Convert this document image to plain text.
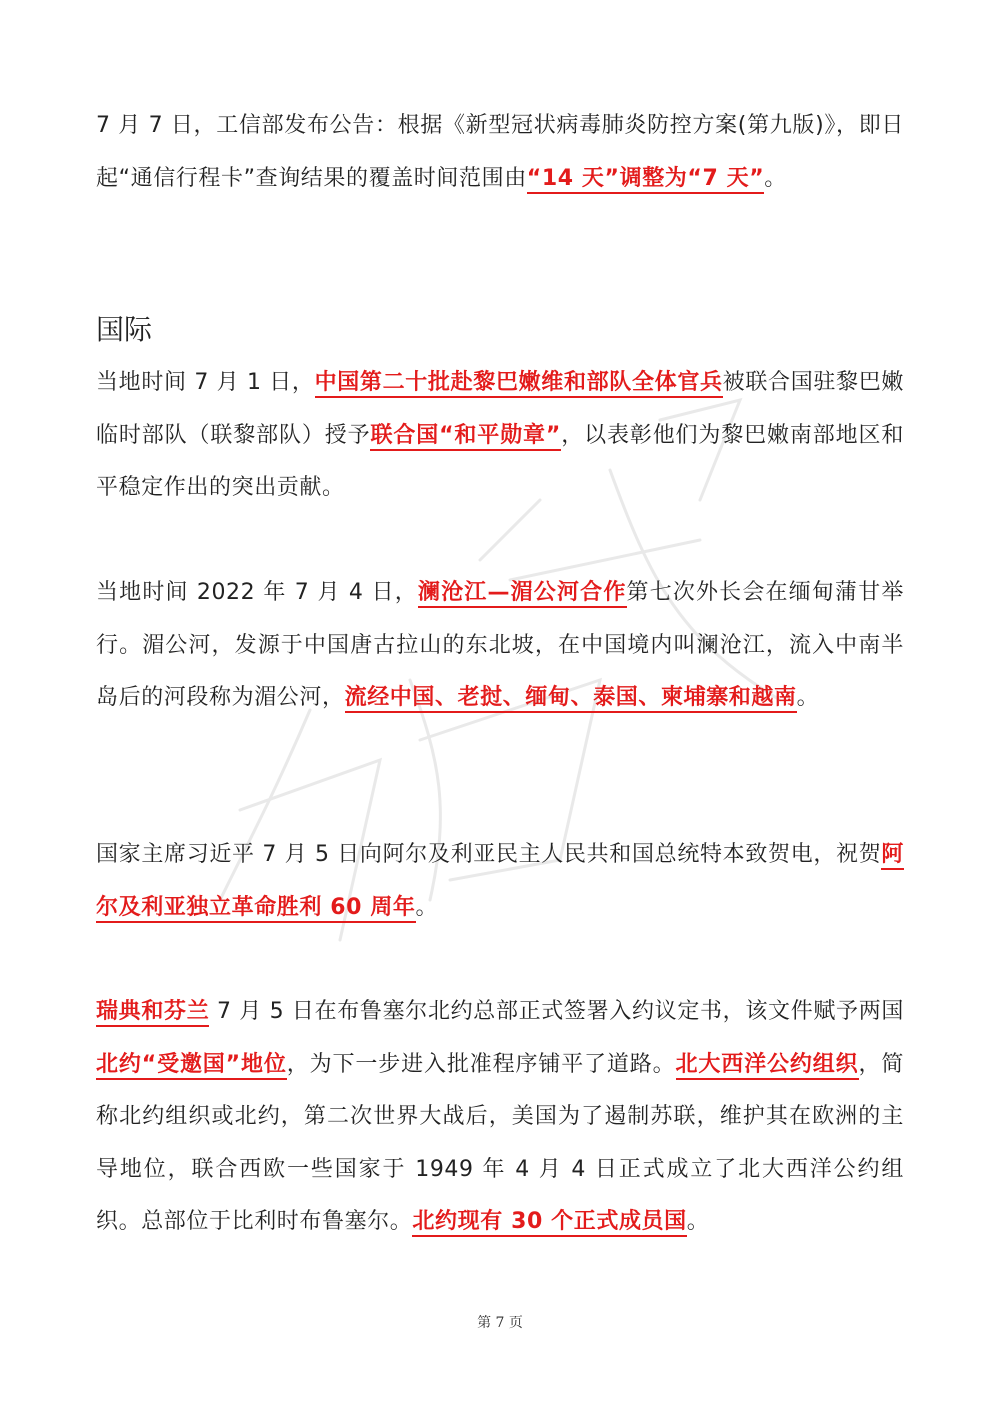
7 月 7 日，工信部发布公告：根据《新型冠状病毒肺炎防控方案(第九版)》，即日起“通信行程卡”查询结果的覆盖时间范围由“14 天”调整为“7 天”。
国际
当地时间 7 月 1 日，中国第二十批赴黎巴嫩维和部队全体官兵被联合国驻黎巴嫩临时部队（联黎部队）授予联合国“和平勋章”，以表彰他们为黎巴嫩南部地区和平稳定作出的突出贡献。
当地时间 2022 年 7 月 4 日，澜沧江—湄公河合作第七次外长会在缅甸蒲甘举行。湄公河，发源于中国唐古拉山的东北坡，在中国境内叫澜沧江，流入中南半岛后的河段称为湄公河，流经中国、老挝、缅甸、泰国、柬埔寨和越南。
国家主席习近平 7 月 5 日向阿尔及利亚民主人民共和国总统特本致贺电，祝贺阿尔及利亚独立革命胜利 60 周年。
瑞典和芬兰 7 月 5 日在布鲁塞尔北约总部正式签署入约议定书，该文件赋予两国北约“受邀国”地位，为下一步进入批准程序铺平了道路。北大西洋公约组织，简称北约组织或北约，第二次世界大战后，美国为了遏制苏联，维护其在欧洲的主导地位，联合西欧一些国家于 1949 年 4 月 4 日正式成立了北大西洋公约组织。总部位于比利时布鲁塞尔。北约现有 30 个正式成员国。
第 7 页
